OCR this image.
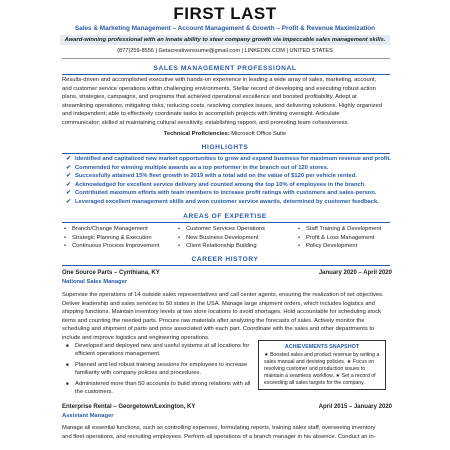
FIRST LAST
Sales & Marketing Management – Account Management & Growth – Profit & Revenue Maximization
Award-winning professional with an innate ability to steer company growth via impeccable sales management skills.
(877)259-8556 | Getacreativeresume@gmail.com | LINKEDIN.COM | UNITED STATES
SALES MANAGEMENT PROFESSIONAL
Results-driven and accomplished executive with hands-on experience in leading a wide array of sales, marketing, account,
and customer service operations within challenging environments. Stellar record of developing and executing robust action
plans, strategies, campaigns, and programs that achieved operational excellence and boosted profitability. Adept at
streamlining operations, mitigating risks, reducing costs, resolving complex issues, and delivering solutions. Highly organized
and independent; able to effectively coordinate tasks to accomplish projects with limiting oversight. Articulate
communicator; skilled at maintaining cultural sensitivity, establishing rapport, and promoting team cohesiveness.
Technical Proficiencies: Microsoft Office Suite
HIGHLIGHTS
✔ Identified and capitalized new market opportunities to grow and expand business for maximum revenue and profit.
✔ Commended for winning multiple awards as a top performer in the branch out of 120 stores.
✔ Successfully attained 15% fleet growth in 2019 with a total add on the value of $120 per vehicle rented.
✔ Acknowledged for excellent service delivery and counted among the top 10% of employees in the branch.
✔ Contributed maximum efforts with team members to increase profit ratings with customers and sales-person.
✔ Leveraged excellent management skills and won customer service awards, determined by customer feedback.
AREAS OF EXPERTISE
• Branch/Change Management
• Strategic Planning & Execution
• Continuous Process Improvement
• Customer Services Operations
• New Business Development
• Client Relationship Building
• Staff Training & Development
• Profit & Loss Management
• Policy Development
CAREER HISTORY
One Source Parts – Cynthiana, KY	January 2020 – April 2020
National Sales Manager
Supervise the operations of 14 outside sales representatives and call center agents, ensuring the realization of set objectives.
Deliver leadership and sales services to 50 states in the USA. Manage large shipment orders, which includes logistics and
shipping functions. Maintain inventory levels at two store locations to avoid shortages. Hold accountable for scheduling stock
items and counting the needed parts. Procure raw materials after analyzing the forecasts of sales. Actively monitor the
scheduling and shipment of parts and price associated with each part. Coordinate with the sales and other departments to
include and improve logistics and engineering operations.
■ Developed and deployed new and useful systems at all locations for efficient operations management.
■ Planned and led robust training sessions for employees to increase familiarity with company policies and procedures.
■ Administered more than 50 accounts to build strong relations with all the customers.
ACHIEVEMENTS SNAPSHOT
★ Boosted sales and product revenue by writing a sales manual and devising policies. ★ Focus on resolving customer and production issues to maintain a seamless workflow. ★ Set a record of exceeding all sales targets for the company.
Enterprise Rental – Georgetown/Lexington, KY	April 2015 – January 2020
Assistant Manager
Manage all essential functions, such as controlling expenses, formulating reports, training sales staff, overseeing inventory
and fleet operations, and recruiting employees. Perform all operations of a branch manager in his absence. Conduct an in-
